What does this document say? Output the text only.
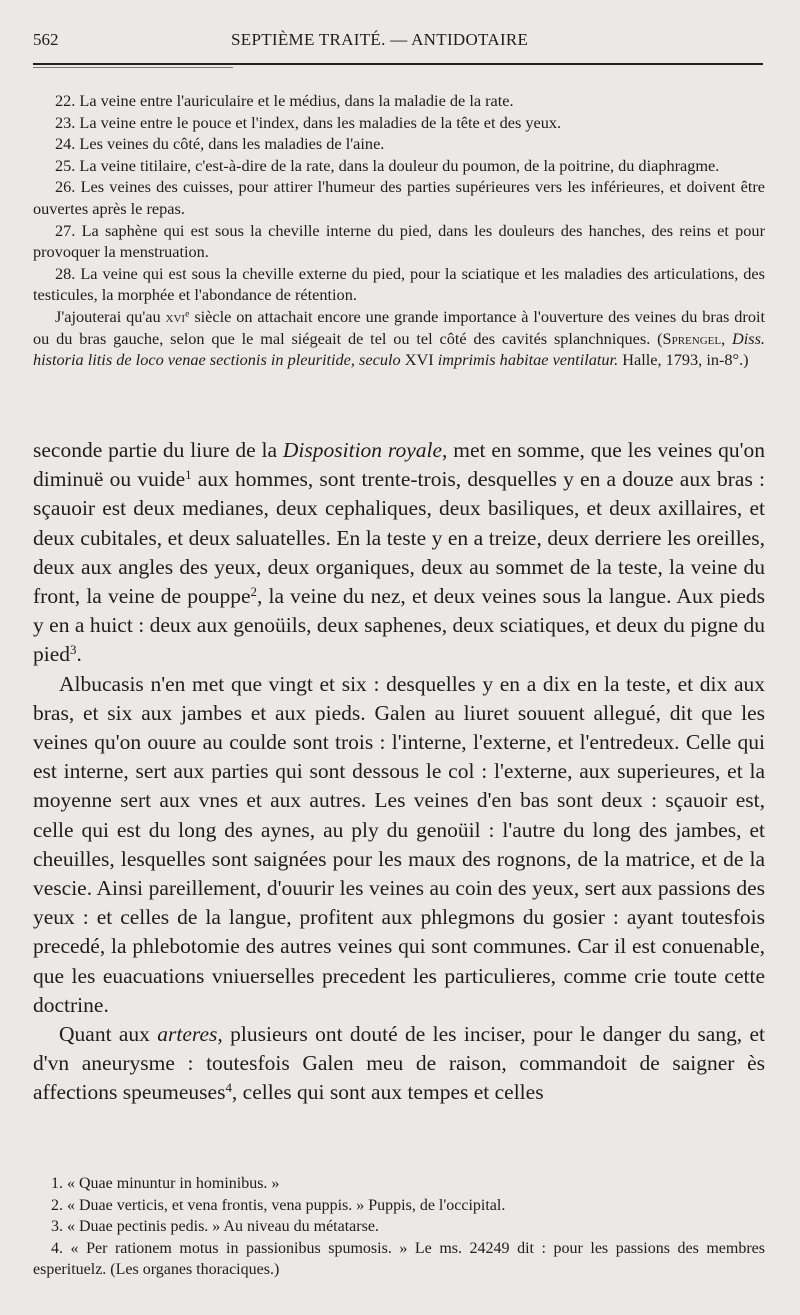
562	SEPTIÈME TRAITÉ. — ANTIDOTAIRE

22. La veine entre l'auriculaire et le médius, dans la maladie de la rate.

23. La veine entre le pouce et l'index, dans les maladies de la tête et des yeux.

24. Les veines du côté, dans les maladies de l'aine.

25. La veine titilaire, c'est-à-dire de la rate, dans la douleur du poumon, de la poitrine, du diaphragme.

26. Les veines des cuisses, pour attirer l'humeur des parties supérieures vers les inférieures, et doivent être ouvertes après le repas.

27. La saphène qui est sous la cheville interne du pied, dans les douleurs des hanches, des reins et pour provoquer la menstruation.

28. La veine qui est sous la cheville externe du pied, pour la sciatique et les maladies des articulations, des testicules, la morphée et l'abondance de rétention.

J'ajouterai qu'au xvi$^e$ siècle on attachait encore une grande importance à l'ouverture des veines du bras droit ou du bras gauche, selon que le mal siégeait de tel ou tel côté des cavités splanchniques. (Sprengel, Diss. historia litis de loco venae sectionis in pleuritide, seculo XVI imprimis habitae ventilatur. Halle, 1793, in-8°.)

seconde partie du liure de la Disposition royale, met en somme, que les veines qu'on diminuë ou vuide$^1$ aux hommes, sont trente-trois, desquelles y en a douze aux bras : sçauoir est deux medianes, deux cephaliques, deux basiliques, et deux axillaires, et deux cubitales, et deux saluatelles. En la teste y en a treize, deux derriere les oreilles, deux aux angles des yeux, deux organiques, deux au sommet de la teste, la veine du front, la veine de pouppe$^2$, la veine du nez, et deux veines sous la langue. Aux pieds y en a huict : deux aux genoüils, deux saphenes, deux sciatiques, et deux du pigne du pied$^3$.

Albucasis n'en met que vingt et six : desquelles y en a dix en la teste, et dix aux bras, et six aux jambes et aux pieds. Galen au liuret souuent allegué, dit que les veines qu'on ouure au coulde sont trois : l'interne, l'externe, et l'entredeux. Celle qui est interne, sert aux parties qui sont dessous le col : l'externe, aux superieures, et la moyenne sert aux vnes et aux autres. Les veines d'en bas sont deux : sçauoir est, celle qui est du long des aynes, au ply du genoüil : l'autre du long des jambes, et cheuilles, lesquelles sont saignées pour les maux des rognons, de la matrice, et de la vescie. Ainsi pareillement, d'ouurir les veines au coin des yeux, sert aux passions des yeux : et celles de la langue, profitent aux phlegmons du gosier : ayant toutesfois precedé, la phlebotomie des autres veines qui sont communes. Car il est conuenable, que les euacuations vniuerselles precedent les particulieres, comme crie toute cette doctrine.

Quant aux arteres, plusieurs ont douté de les inciser, pour le danger du sang, et d'vn aneurysme : toutesfois Galen meu de raison, commandoit de saigner ès affections speumeuses$^4$, celles qui sont aux tempes et celles

1. « Quae minuntur in hominibus. »

2. « Duae verticis, et vena frontis, vena puppis. » Puppis, de l'occipital.

3. « Duae pectinis pedis. » Au niveau du métatarse.

4. « Per rationem motus in passionibus spumosis. » Le ms. 24249 dit : pour les passions des membres esperituelz. (Les organes thoraciques.)
